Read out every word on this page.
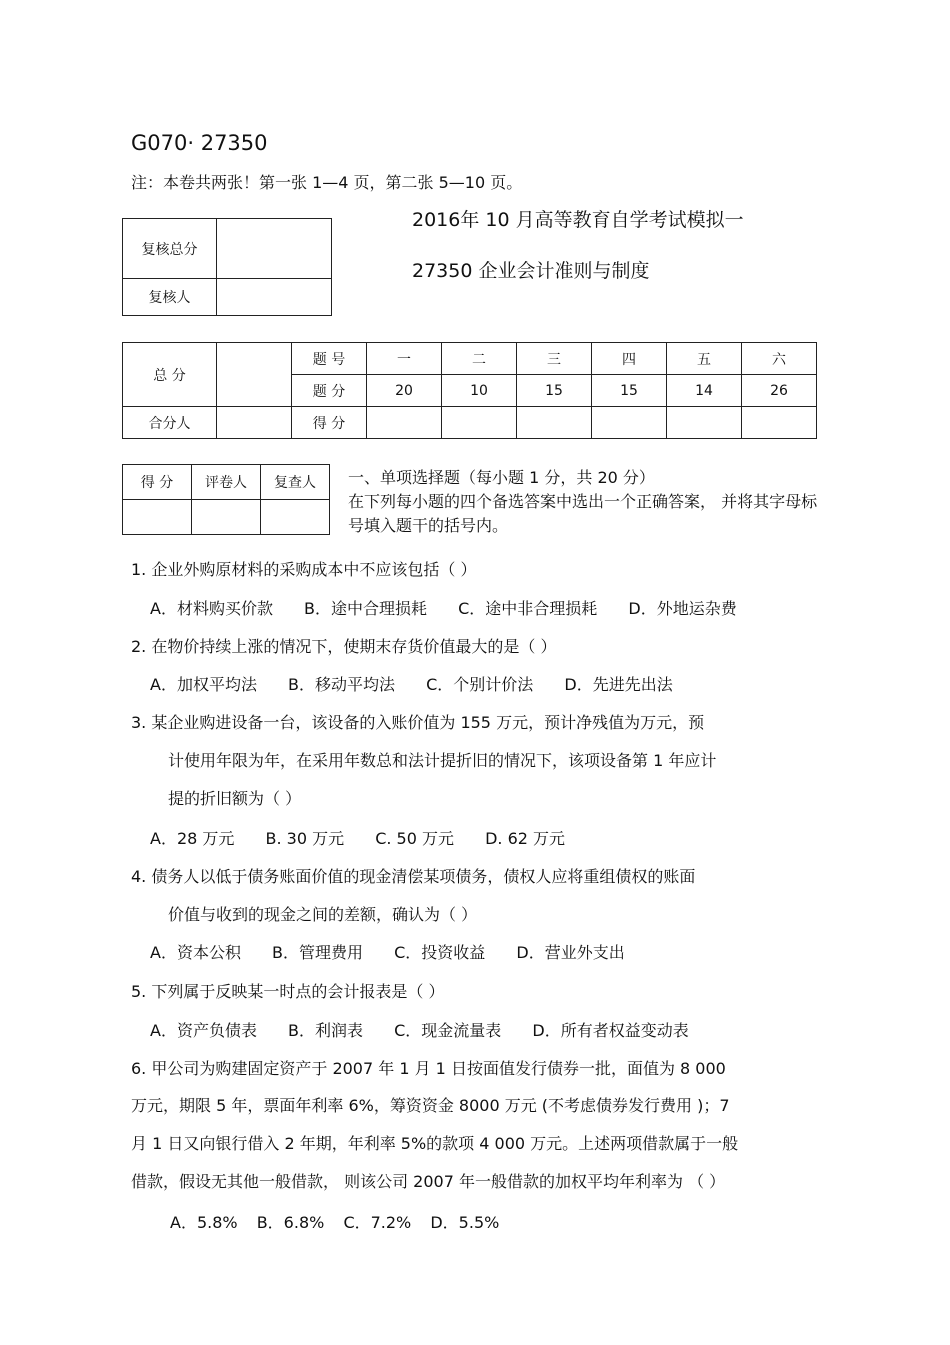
G070· 27350
注：本卷共两张！第一张 1—4 页，第二张 5—10 页。
2016年 10 月高等教育自学考试模拟一
27350 企业会计准则与制度
复核总分	
复核人	
总 分		题 号	一	二	三	四	五	六
		题 分	20	10	15	15	14	26
合分人		得 分						
得 分	评卷人	复查人
		一、单项选择题（每小题 1 分，共 20 分）
在下列每小题的四个备选答案中选出一个正确答案， 并将其字母标号填入题干的括号内。
1. 企业外购原材料的采购成本中不应该包括（ ）
A．材料购买价款 B．途中合理损耗 C．途中非合理损耗 D．外地运杂费
2. 在物价持续上涨的情况下，使期末存货价值最大的是（ ）
A．加权平均法 B．移动平均法 C．个别计价法 D．先进先出法
3. 某企业购进设备一台，该设备的入账价值为 155 万元，预计净残值为万元，预
计使用年限为年，在采用年数总和法计提折旧的情况下，该项设备第 1 年应计
提的折旧额为（ ）
A．28 万元 B. 30 万元 C. 50 万元 D. 62 万元
4. 债务人以低于债务账面价值的现金清偿某项债务，债权人应将重组债权的账面
价值与收到的现金之间的差额，确认为（ ）
A．资本公积 B．管理费用 C．投资收益 D．营业外支出
5. 下列属于反映某一时点的会计报表是（ ）
A．资产负债表 B．利润表 C．现金流量表 D．所有者权益变动表
6. 甲公司为购建固定资产于 2007 年 1 月 1 日按面值发行债券一批，面值为 8 000
万元，期限 5 年，票面年利率 6%，筹资资金 8000 万元 (不考虑债券发行费用 )；7
月 1 日又向银行借入 2 年期，年利率 5%的款项 4 000 万元。上述两项借款属于一般
借款，假设无其他一般借款， 则该公司 2007 年一般借款的加权平均年利率为 （ ）
A．5.8% B．6.8% C．7.2% D．5.5%
